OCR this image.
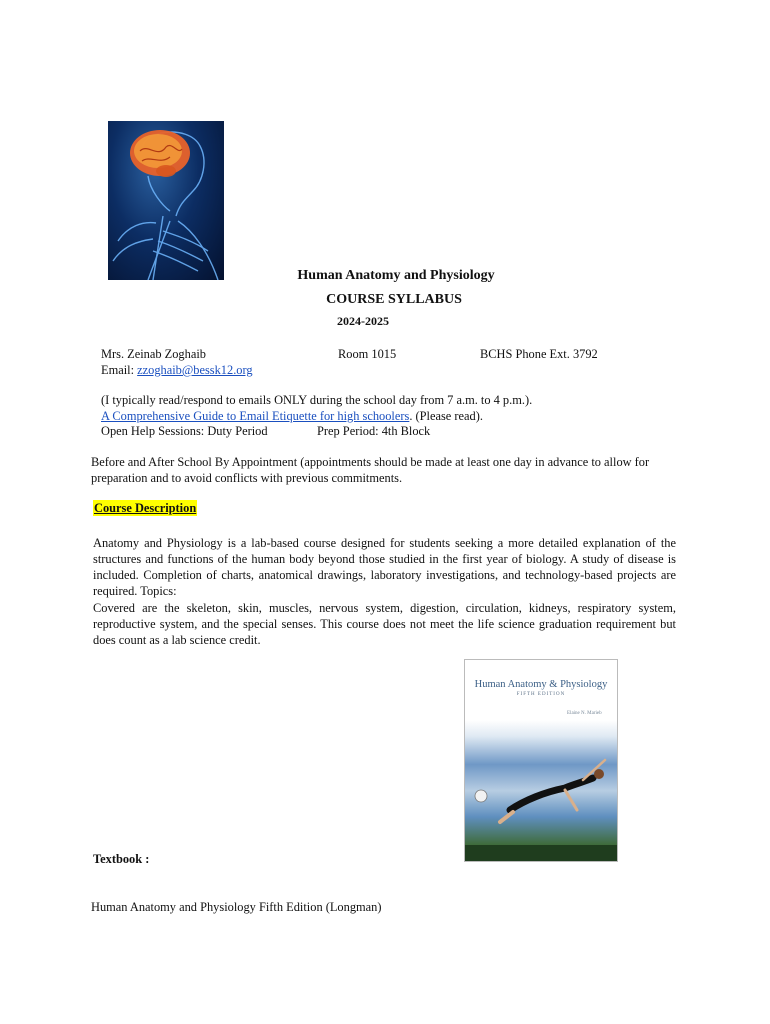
Human Anatomy and Physiology
COURSE SYLLABUS
2024-2025
Mrs. Zeinab Zoghaib	Room 1015	BCHS Phone Ext. 3792
Email: zzoghaib@bessk12.org
(I typically read/respond to emails ONLY during the school day from 7 a.m. to 4 p.m.).
A Comprehensive Guide to Email Etiquette for high schoolers. (Please read).
Open Help Sessions: Duty Period	Prep Period: 4th Block
Before and After School By Appointment (appointments should be made at least one day in advance to allow for preparation and to avoid conflicts with previous commitments.
Course Description

Anatomy and Physiology is a lab-based course designed for students seeking a more detailed explanation of the structures and functions of the human body beyond those studied in the first year of biology. A study of disease is included. Completion of charts, anatomical drawings, laboratory investigations, and technology-based projects are required. Topics:

Covered are the skeleton, skin, muscles, nervous system, digestion, circulation, kidneys, respiratory system, reproductive system, and the special senses. This course does not meet the life science graduation requirement but does count as a lab science credit.

Human Anatomy & Physiology
FIFTH EDITION
Elaine N. Marieb
Textbook :
Human Anatomy and Physiology Fifth Edition (Longman)
